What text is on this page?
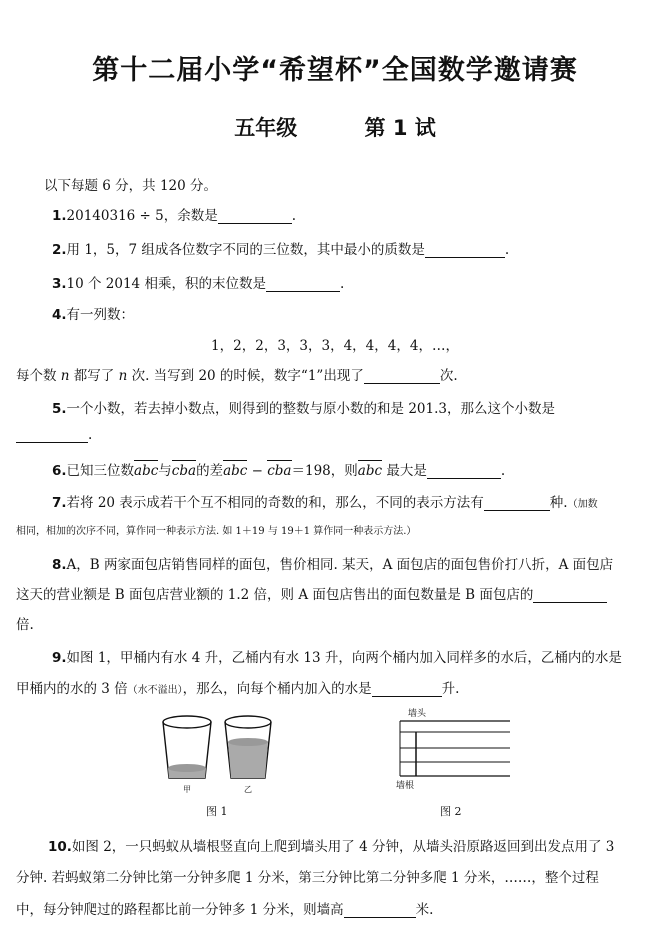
第十二届小学“希望杯”全国数学邀请赛
五年级	第 1 试
以下每题 6 分，共 120 分。
1.20140316 ÷ 5，余数是	.
2.用 1，5，7 组成各位数字不同的三位数，其中最小的质数是	.
3.10 个 2014 相乘，积的末位数是	.
4.有一列数：
1，2，2，3，3，3，4，4，4，4，…，
每个数 n 都写了 n 次. 当写到 20 的时候，数字“1”出现了	次.
5.一个小数，若去掉小数点，则得到的整数与原小数的和是 201.3，那么这个小数是
.
6.已知三位数abc与cba的差abc − cba＝198，则abc 最大是	.
7.若将 20 表示成若干个互不相同的奇数的和，那么，不同的表示方法有	种.（加数
相同，相加的次序不同，算作同一种表示方法. 如 1＋19 与 19＋1 算作同一种表示方法.）
8.A，B 两家面包店销售同样的面包，售价相同. 某天，A 面包店的面包售价打八折，A 面包店
这天的营业额是 B 面包店营业额的 1.2 倍，则 A 面包店售出的面包数量是 B 面包店的
倍.
9.如图 1，甲桶内有水 4 升，乙桶内有水 13 升，向两个桶内加入同样多的水后，乙桶内的水是
甲桶内的水的 3 倍（水不溢出），那么，向每个桶内加入的水是	升.
甲	乙
图 1
墙头
墙根
图 2
10.如图 2，一只蚂蚁从墙根竖直向上爬到墙头用了 4 分钟，从墙头沿原路返回到出发点用了 3
分钟. 若蚂蚁第二分钟比第一分钟多爬 1 分米，第三分钟比第二分钟多爬 1 分米，……，整个过程
中，每分钟爬过的路程都比前一分钟多 1 分米，则墙高	米.
